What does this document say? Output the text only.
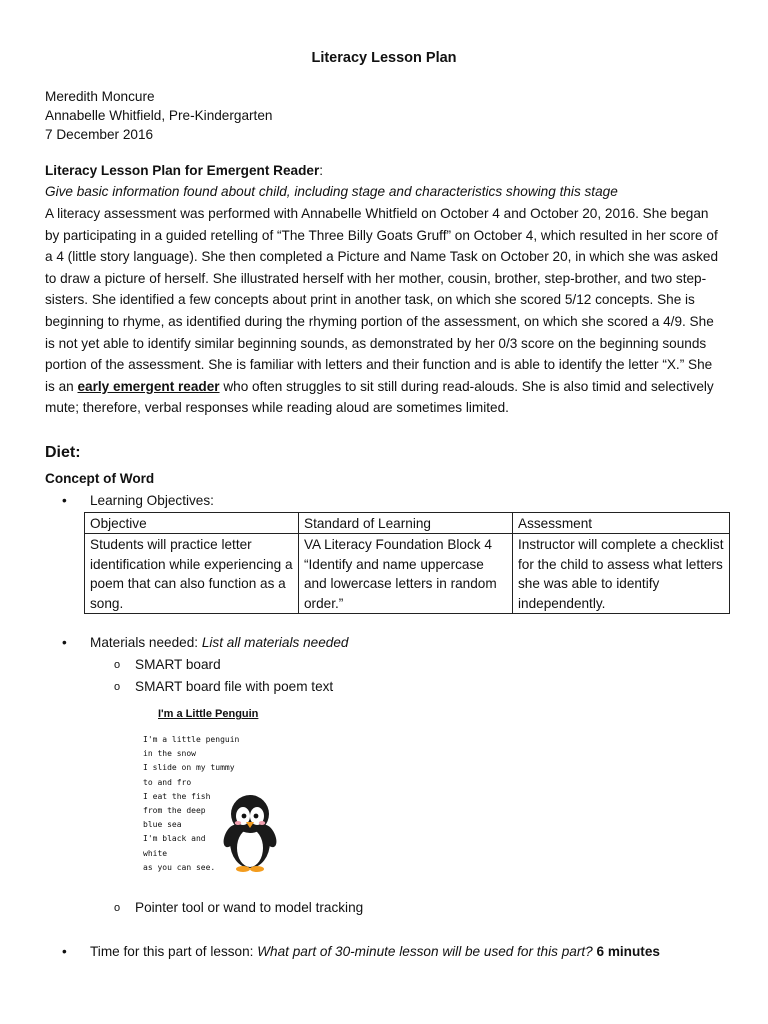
Literacy Lesson Plan
Meredith Moncure
Annabelle Whitfield, Pre-Kindergarten
7 December 2016
Literacy Lesson Plan for Emergent Reader:
Give basic information found about child, including stage and characteristics showing this stage
A literacy assessment was performed with Annabelle Whitfield on October 4 and October 20, 2016. She began by participating in a guided retelling of “The Three Billy Goats Gruff” on October 4, which resulted in her score of a 4 (little story language). She then completed a Picture and Name Task on October 20, in which she was asked to draw a picture of herself. She illustrated herself with her mother, cousin, brother, step-brother, and two step-sisters. She identified a few concepts about print in another task, on which she scored 5/12 concepts. She is beginning to rhyme, as identified during the rhyming portion of the assessment, on which she scored a 4/9. She is not yet able to identify similar beginning sounds, as demonstrated by her 0/3 score on the beginning sounds portion of the assessment. She is familiar with letters and their function and is able to identify the letter “X.” She is an early emergent reader who often struggles to sit still during read-alouds. She is also timid and selectively mute; therefore, verbal responses while reading aloud are sometimes limited.
Diet:
Concept of Word
• Learning Objectives:
Objective	Standard of Learning	Assessment
Students will practice letter identification while experiencing a poem that can also function as a song.	VA Literacy Foundation Block 4 “Identify and name uppercase and lowercase letters in random order.”	Instructor will complete a checklist for the child to assess what letters she was able to identify independently.
• Materials needed: List all materials needed
o SMART board
o SMART board file with poem text
I'm a Little Penguin
I'm a little penguin
in the snow
I slide on my tummy
to and fro
I eat the fish
from the deep
blue sea
I'm black and
white
as you can see.
o Pointer tool or wand to model tracking
• Time for this part of lesson: What part of 30-minute lesson will be used for this part? 6 minutes
